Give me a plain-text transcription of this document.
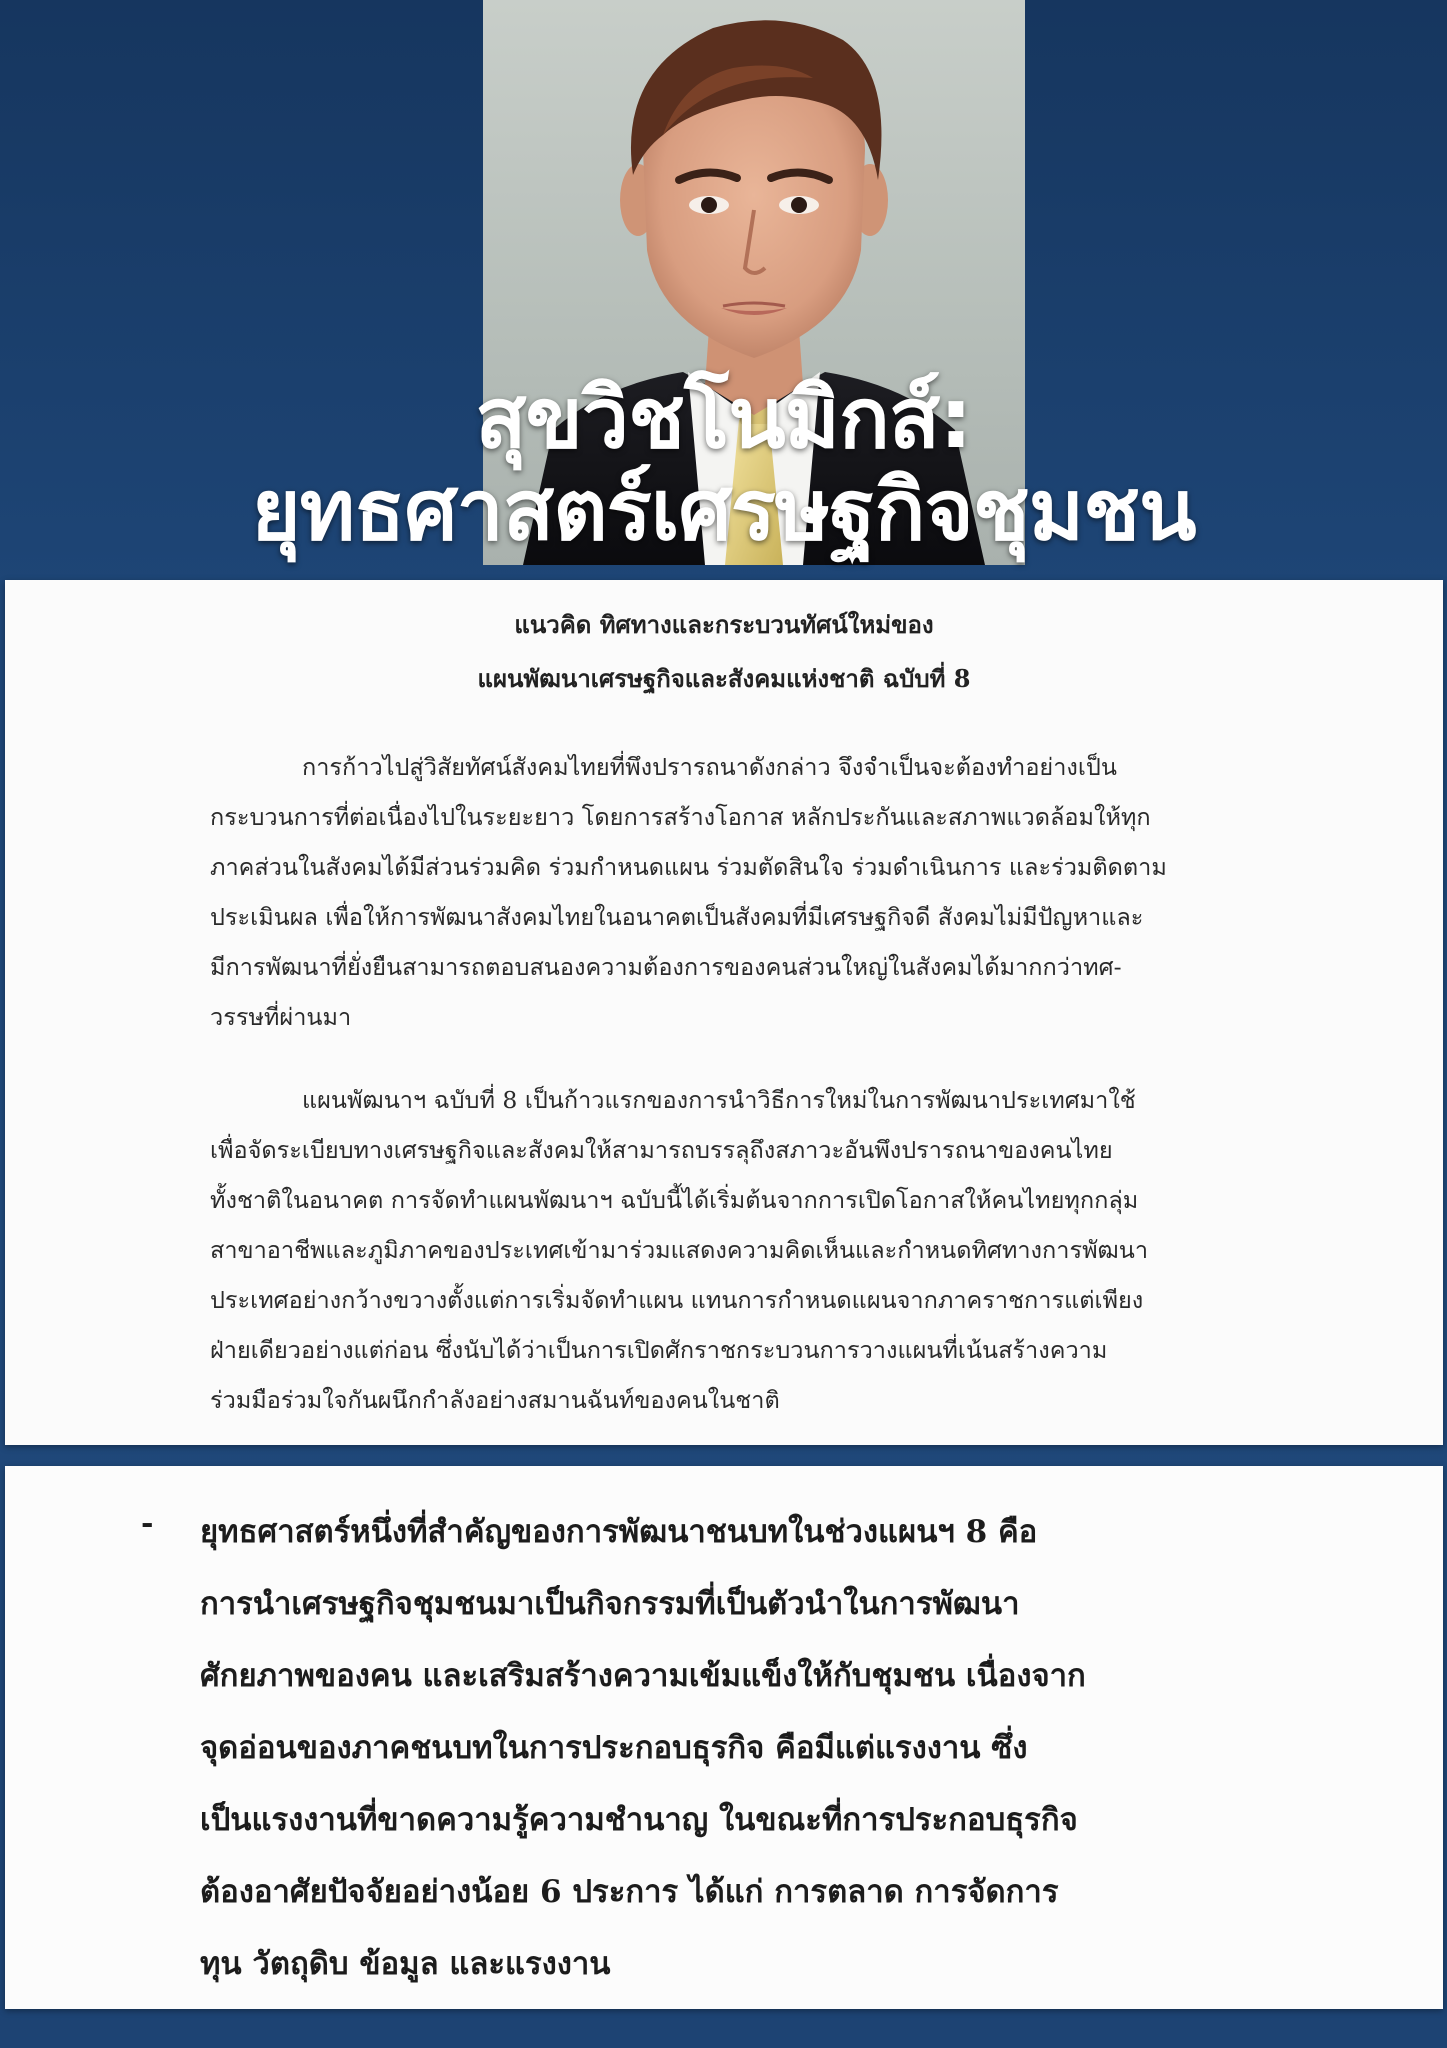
สุขวิชโนมิกส์:
ยุทธศาสตร์เศรษฐกิจชุมชน
แนวคิด ทิศทางและกระบวนทัศน์ใหม่ของ
แผนพัฒนาเศรษฐกิจและสังคมแห่งชาติ ฉบับที่ 8
การก้าวไปสู่วิสัยทัศน์สังคมไทยที่พึงปรารถนาดังกล่าว จึงจำเป็นจะต้องทำอย่างเป็น
กระบวนการที่ต่อเนื่องไปในระยะยาว โดยการสร้างโอกาส หลักประกันและสภาพแวดล้อมให้ทุก
ภาคส่วนในสังคมได้มีส่วนร่วมคิด ร่วมกำหนดแผน ร่วมตัดสินใจ ร่วมดำเนินการ และร่วมติดตาม
ประเมินผล เพื่อให้การพัฒนาสังคมไทยในอนาคตเป็นสังคมที่มีเศรษฐกิจดี สังคมไม่มีปัญหาและ
มีการพัฒนาที่ยั่งยืนสามารถตอบสนองความต้องการของคนส่วนใหญ่ในสังคมได้มากกว่าทศ-
วรรษที่ผ่านมา
แผนพัฒนาฯ ฉบับที่ 8 เป็นก้าวแรกของการนำวิธีการใหม่ในการพัฒนาประเทศมาใช้
เพื่อจัดระเบียบทางเศรษฐกิจและสังคมให้สามารถบรรลุถึงสภาวะอันพึงปรารถนาของคนไทย
ทั้งชาติในอนาคต การจัดทำแผนพัฒนาฯ ฉบับนี้ได้เริ่มต้นจากการเปิดโอกาสให้คนไทยทุกกลุ่ม
สาขาอาชีพและภูมิภาคของประเทศเข้ามาร่วมแสดงความคิดเห็นและกำหนดทิศทางการพัฒนา
ประเทศอย่างกว้างขวางตั้งแต่การเริ่มจัดทำแผน แทนการกำหนดแผนจากภาคราชการแต่เพียง
ฝ่ายเดียวอย่างแต่ก่อน ซึ่งนับได้ว่าเป็นการเปิดศักราชกระบวนการวางแผนที่เน้นสร้างความ
ร่วมมือร่วมใจกันผนึกกำลังอย่างสมานฉันท์ของคนในชาติ
- ยุทธศาสตร์หนึ่งที่สำคัญของการพัฒนาชนบทในช่วงแผนฯ 8 คือ
การนำเศรษฐกิจชุมชนมาเป็นกิจกรรมที่เป็นตัวนำในการพัฒนา
ศักยภาพของคน และเสริมสร้างความเข้มแข็งให้กับชุมชน เนื่องจาก
จุดอ่อนของภาคชนบทในการประกอบธุรกิจ คือมีแต่แรงงาน ซึ่ง
เป็นแรงงานที่ขาดความรู้ความชำนาญ ในขณะที่การประกอบธุรกิจ
ต้องอาศัยปัจจัยอย่างน้อย 6 ประการ ได้แก่ การตลาด การจัดการ
ทุน วัตถุดิบ ข้อมูล และแรงงาน
